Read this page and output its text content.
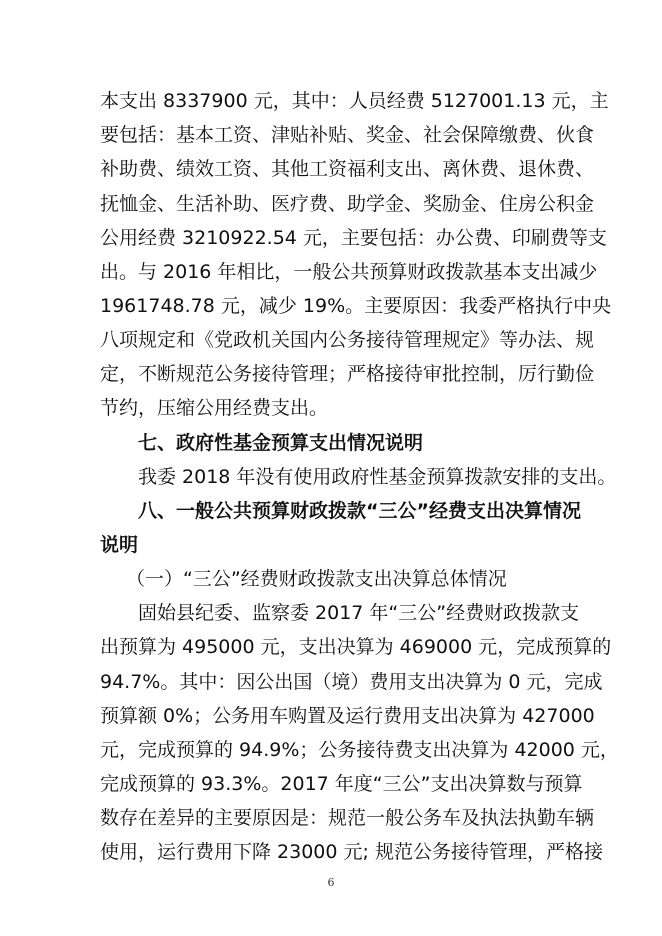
本支出 8337900 元，其中：人员经费 5127001.13 元，主
要包括：基本工资、津贴补贴、奖金、社会保障缴费、伙食
补助费、绩效工资、其他工资福利支出、离休费、退休费、
抚恤金、生活补助、医疗费、助学金、奖励金、住房公积金
公用经费 3210922.54 元，主要包括：办公费、印刷费等支
出。与 2016 年相比，一般公共预算财政拨款基本支出减少
1961748.78 元，减少 19%。主要原因：我委严格执行中央
八项规定和《党政机关国内公务接待管理规定》等办法、规
定，不断规范公务接待管理；严格接待审批控制，厉行勤俭
节约，压缩公用经费支出。
七、政府性基金预算支出情况说明
我委 2018 年没有使用政府性基金预算拨款安排的支出。
八、一般公共预算财政拨款“三公”经费支出决算情况
说明
（一）“三公”经费财政拨款支出决算总体情况
固始县纪委、监察委 2017 年“三公”经费财政拨款支
出预算为 495000 元，支出决算为 469000 元，完成预算的
94.7%。其中：因公出国（境）费用支出决算为 0 元，完成
预算额 0%；公务用车购置及运行费用支出决算为 427000
元，完成预算的 94.9%；公务接待费支出决算为 42000 元，
完成预算的 93.3%。2017 年度“三公”支出决算数与预算
数存在差异的主要原因是：规范一般公务车及执法执勤车辆
使用，运行费用下降 23000 元; 规范公务接待管理，严格接
6
